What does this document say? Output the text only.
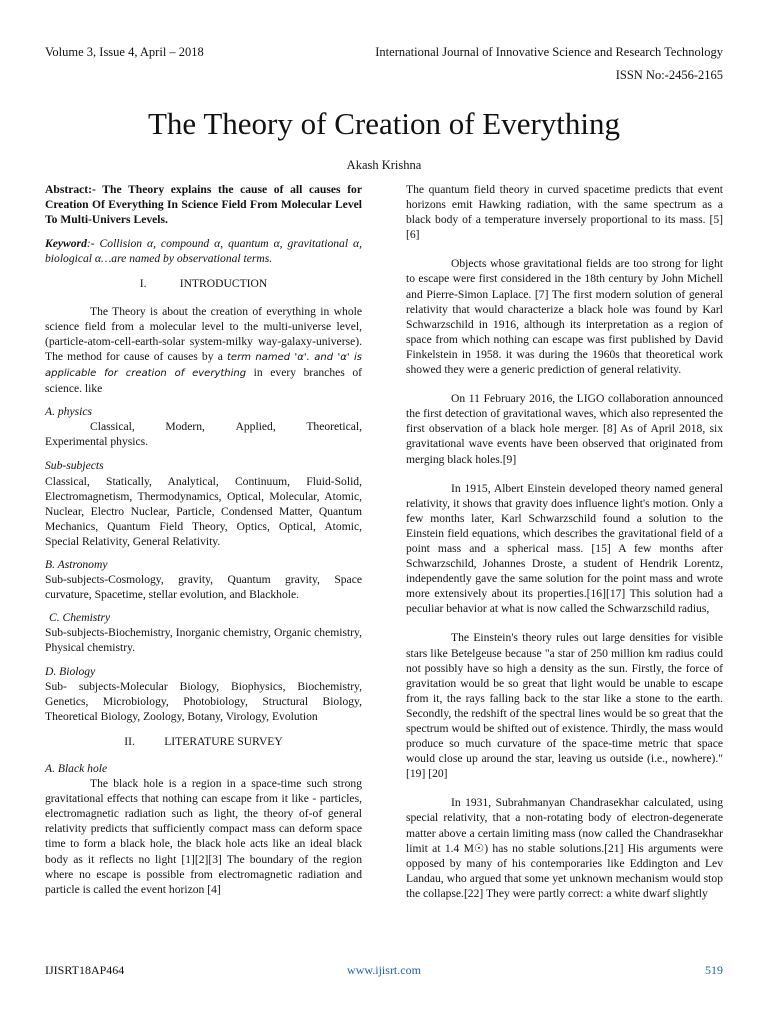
Volume 3, Issue 4, April – 2018	International Journal of Innovative Science and Research Technology
ISSN No:-2456-2165
The Theory of Creation of Everything
Akash Krishna

Abstract:- The Theory explains the cause of all causes for Creation Of Everything In Science Field From Molecular Level To Multi-Univers Levels.

Keyword:- Collision α, compound α, quantum α, gravitational α, biological α…are named by observational terms.

I.	INTRODUCTION

The Theory is about the creation of everything in whole science field from a molecular level to the multi-universe level, (particle-atom-cell-earth-solar system-milky way-galaxy-universe). The method for cause of causes by a term named 'α'. and 'α' is applicable for creation of everything in every branches of science. like

A. physics

Classical,	Modern,	Applied,	Theoretical,

Experimental physics.

Sub-subjects

Classical, Statically, Analytical, Continuum, Fluid-Solid, Electromagnetism, Thermodynamics, Optical, Molecular, Atomic, Nuclear, Electro Nuclear, Particle, Condensed Matter, Quantum Mechanics, Quantum Field Theory, Optics, Optical, Atomic, Special Relativity, General Relativity.

B. Astronomy

Sub-subjects-Cosmology, gravity, Quantum gravity, Space curvature, Spacetime, stellar evolution, and Blackhole.

C. Chemistry

Sub-subjects-Biochemistry, Inorganic chemistry, Organic chemistry, Physical chemistry.

D. Biology

Sub- subjects-Molecular Biology, Biophysics, Biochemistry, Genetics, Microbiology, Photobiology, Structural Biology, Theoretical Biology, Zoology, Botany, Virology, Evolution

II.	LITERATURE SURVEY

A. Black hole

The black hole is a region in a space-time such strong gravitational effects that nothing can escape from it like - particles, electromagnetic radiation such as light, the theory of-of general relativity predicts that sufficiently compact mass can deform space time to form a black hole, the black hole acts like an ideal black body as it reflects no light [1][2][3] The boundary of the region where no escape is possible from electromagnetic radiation and particle is called the event horizon [4]

The quantum field theory in curved spacetime predicts that event horizons emit Hawking radiation, with the same spectrum as a black body of a temperature inversely proportional to its mass. [5][6]

Objects whose gravitational fields are too strong for light to escape were first considered in the 18th century by John Michell and Pierre-Simon Laplace. [7] The first modern solution of general relativity that would characterize a black hole was found by Karl Schwarzschild in 1916, although its interpretation as a region of space from which nothing can escape was first published by David Finkelstein in 1958. it was during the 1960s that theoretical work showed they were a generic prediction of general relativity.

On 11 February 2016, the LIGO collaboration announced the first detection of gravitational waves, which also represented the first observation of a black hole merger. [8] As of April 2018, six gravitational wave events have been observed that originated from merging black holes.[9]

In 1915, Albert Einstein developed theory named general relativity, it shows that gravity does influence light's motion. Only a few months later, Karl Schwarzschild found a solution to the Einstein field equations, which describes the gravitational field of a point mass and a spherical mass. [15] A few months after Schwarzschild, Johannes Droste, a student of Hendrik Lorentz, independently gave the same solution for the point mass and wrote more extensively about its properties.[16][17] This solution had a peculiar behavior at what is now called the Schwarzschild radius,

The Einstein's theory rules out large densities for visible stars like Betelgeuse because "a star of 250 million km radius could not possibly have so high a density as the sun. Firstly, the force of gravitation would be so great that light would be unable to escape from it, the rays falling back to the star like a stone to the earth. Secondly, the redshift of the spectral lines would be so great that the spectrum would be shifted out of existence. Thirdly, the mass would produce so much curvature of the space-time metric that space would close up around the star, leaving us outside (i.e., nowhere)."[19] [20]

In 1931, Subrahmanyan Chandrasekhar calculated, using special relativity, that a non-rotating body of electron-degenerate matter above a certain limiting mass (now called the Chandrasekhar limit at 1.4 M☉) has no stable solutions.[21] His arguments were opposed by many of his contemporaries like Eddington and Lev Landau, who argued that some yet unknown mechanism would stop the collapse.[22] They were partly correct: a white dwarf slightly

IJISRT18AP464	www.ijisrt.com	519
